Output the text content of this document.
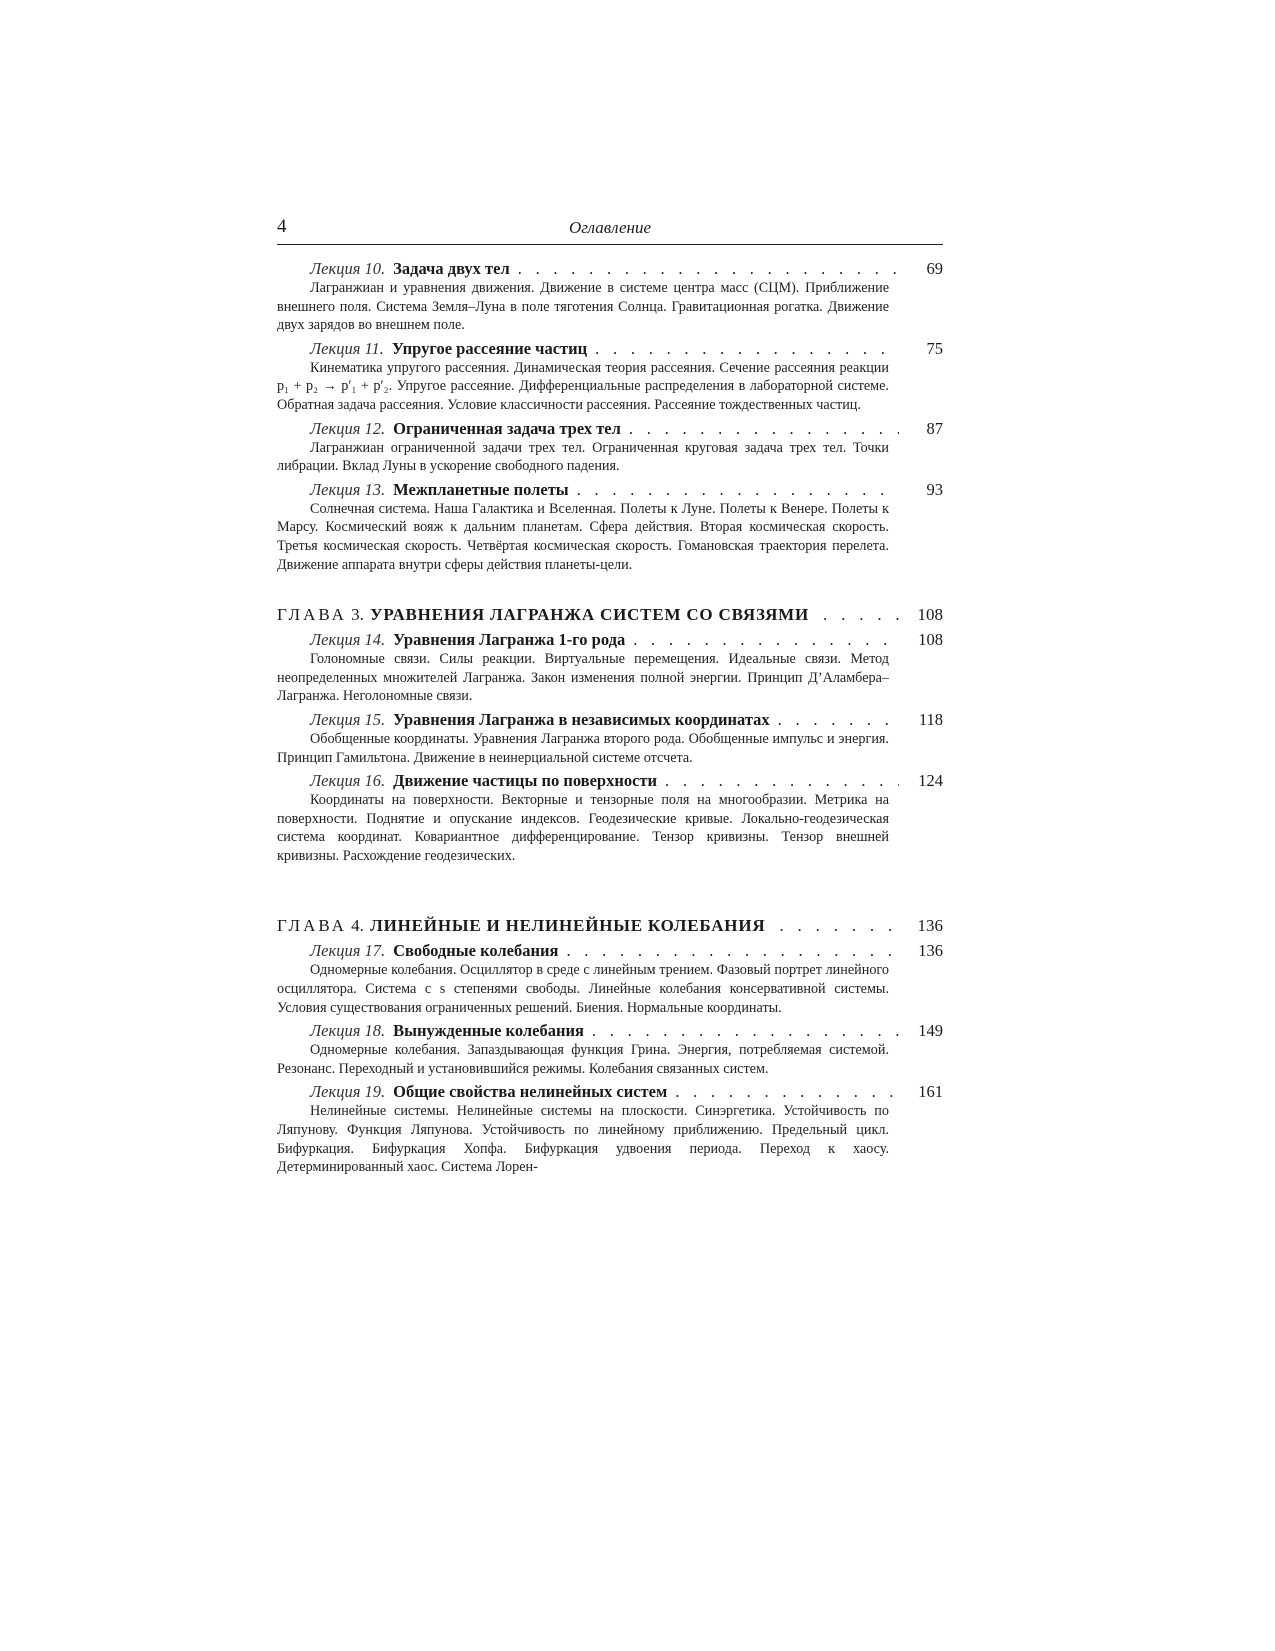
4	Оглавление
Лекция 10. Задача двух тел . . .	69

Лагранжиан и уравнения движения. Движение в системе центра масс (СЦМ). Приближение внешнего поля. Система Земля–Луна в поле тяготения Солнца. Гравитационная рогатка. Движение двух зарядов во внешнем поле.

Лекция 11. Упругое рассеяние частиц . . .	75

Кинематика упругого рассеяния. Динамическая теория рассеяния. Сечение рассеяния реакции p₁ + p₂ → p′₁ + p′₂. Упругое рассеяние. Дифференциальные распределения в лабораторной системе. Обратная задача рассеяния. Условие классичности рассеяния. Рассеяние тождественных частиц.

Лекция 12. Ограниченная задача трех тел . . .	87

Лагранжиан ограниченной задачи трех тел. Ограниченная круговая задача трех тел. Точки либрации. Вклад Луны в ускорение свободного падения.

Лекция 13. Межпланетные полеты . . .	93

Солнечная система. Наша Галактика и Вселенная. Полеты к Луне. Полеты к Венере. Полеты к Марсу. Космический вояж к дальним планетам. Сфера действия. Вторая космическая скорость. Третья космическая скорость. Четвёртая космическая скорость. Гомановская траектория перелета. Движение аппарата внутри сферы действия планеты-цели.

ГЛАВА 3. УРАВНЕНИЯ ЛАГРАНЖА СИСТЕМ СО СВЯЗЯМИ . . .	108
Лекция 14. Уравнения Лагранжа 1-го рода . . .	108

Голономные связи. Силы реакции. Виртуальные перемещения. Идеальные связи. Метод неопределенных множителей Лагранжа. Закон изменения полной энергии. Принцип Д’Аламбера–Лагранжа. Неголономные связи.

Лекция 15. Уравнения Лагранжа в независимых координатах . . .	118

Обобщенные координаты. Уравнения Лагранжа второго рода. Обобщенные импульс и энергия. Принцип Гамильтона. Движение в неинерциальной системе отсчета.

Лекция 16. Движение частицы по поверхности . . .	124

Координаты на поверхности. Векторные и тензорные поля на многообразии. Метрика на поверхности. Поднятие и опускание индексов. Геодезические кривые. Локально-геодезическая система координат. Ковариантное дифференцирование. Тензор кривизны. Тензор внешней кривизны. Расхождение геодезических.

ГЛАВА 4. ЛИНЕЙНЫЕ И НЕЛИНЕЙНЫЕ КОЛЕБАНИЯ . . .	136
Лекция 17. Свободные колебания . . .	136

Одномерные колебания. Осциллятор в среде с линейным трением. Фазовый портрет линейного осциллятора. Система с s степенями свободы. Линейные колебания консервативной системы. Условия существования ограниченных решений. Биения. Нормальные координаты.

Лекция 18. Вынужденные колебания . . .	149

Одномерные колебания. Запаздывающая функция Грина. Энергия, потребляемая системой. Резонанс. Переходный и установившийся режимы. Колебания связанных систем.

Лекция 19. Общие свойства нелинейных систем . . .	161

Нелинейные системы. Нелинейные системы на плоскости. Синэргетика. Устойчивость по Ляпунову. Функция Ляпунова. Устойчивость по линейному приближению. Предельный цикл. Бифуркация. Бифуркация Хопфа. Бифуркация удвоения периода. Переход к хаосу. Детерминированный хаос. Система Лорен-
